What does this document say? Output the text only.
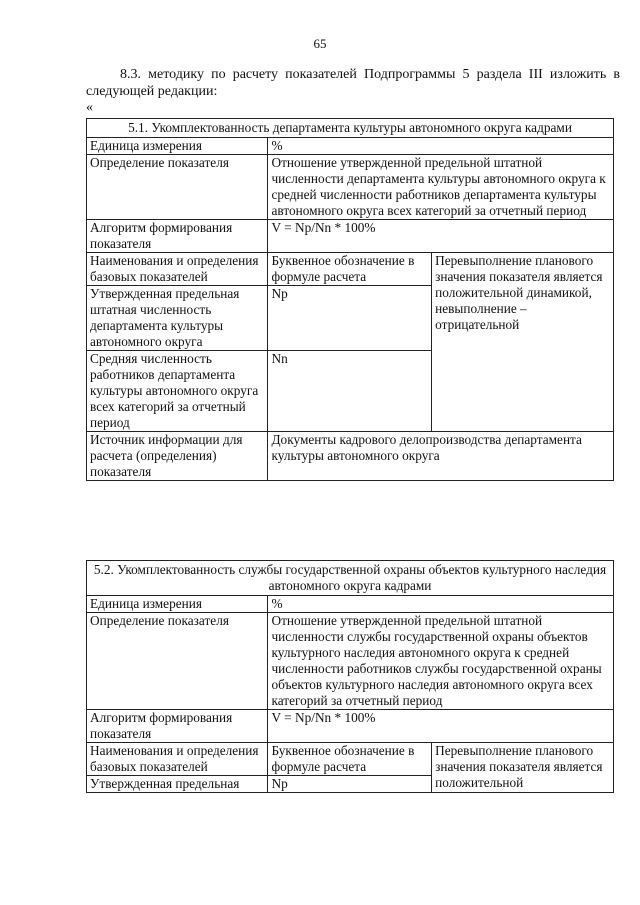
65

8.3. методику по расчету показателей Подпрограммы 5 раздела III изложить в следующей редакции:

«
5.1. Укомплектованность департамента культуры автономного округа кадрами		
Единица измерения	%	
Определение показателя	Отношение утвержденной предельной штатной численности департамента культуры автономного округа к средней численности работников департамента культуры автономного округа всех категорий за отчетный период	
Алгоритм формирования показателя	V = Np/Nn * 100%	
Наименования и определения базовых показателей	Буквенное обозначение в формуле расчета	Перевыполнение планового значения показателя является положительной динамикой, невыполнение – отрицательной
Утвержденная предельная штатная численность департамента культуры автономного округа	Np	
Средняя численность работников департамента культуры автономного округа всех категорий за отчетный период	Nn	
Источник информации для расчета (определения) показателя	Документы кадрового делопроизводства департамента культуры автономного округа	
5.2. Укомплектованность службы государственной охраны объектов культурного наследия автономного округа кадрами		
Единица измерения	%	
Определение показателя	Отношение утвержденной предельной штатной численности службы государственной охраны объектов культурного наследия автономного округа к средней численности работников службы государственной охраны объектов культурного наследия автономного округа всех категорий за отчетный период	
Алгоритм формирования показателя	V = Np/Nn * 100%	
Наименования и определения базовых показателей	Буквенное обозначение в формуле расчета	Перевыполнение планового значения показателя является положительной
Утвержденная предельная	Np	
